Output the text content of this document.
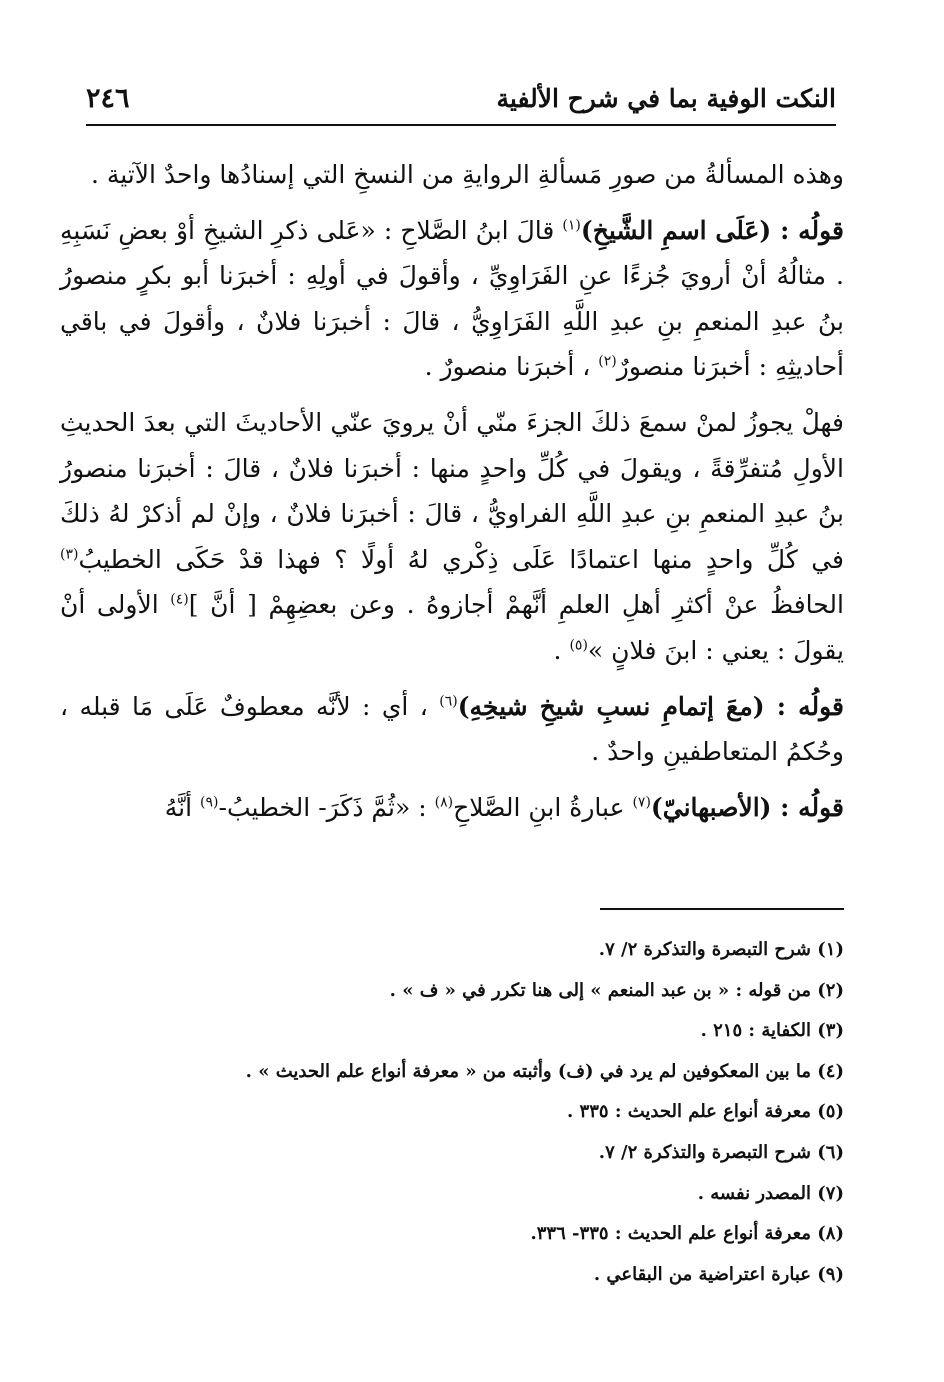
النكت الوفية بما في شرح الألفية
٢٤٦

وهذه المسألةُ من صورِ مَسألةِ الروايةِ من النسخِ التي إسنادُها واحدٌ الآتية .

قولُه : (عَلَى اسمِ الشَّيخِ)$^{(١)}$ قالَ ابنُ الصَّلاحِ : «عَلى ذكرِ الشيخِ أوْ بعضِ نَسَبِهِ . مثالُهُ أنْ أرويَ جُزءًا عنِ الفَرَاوِيِّ ، وأقولَ في أولِهِ : أخبرَنا أبو بكرٍ منصورُ بنُ عبدِ المنعمِ بنِ عبدِ اللَّهِ الفَرَاوِيُّ ، قالَ : أخبرَنا فلانٌ ، وأقولَ في باقي أحاديثِهِ : أخبرَنا منصورٌ$^{(٢)}$ ، أخبرَنا منصورٌ .

فهلْ يجوزُ لمنْ سمعَ ذلكَ الجزءَ منّي أنْ يرويَ عنّي الأحاديثَ التي بعدَ الحديثِ الأولِ مُتفرِّقةً ، ويقولَ في كُلِّ واحدٍ منها : أخبرَنا فلانٌ ، قالَ : أخبرَنا منصورُ بنُ عبدِ المنعمِ بنِ عبدِ اللَّهِ الفراويُّ ، قالَ : أخبرَنا فلانٌ ، وإنْ لم أذكرْ لهُ ذلكَ في كُلِّ واحدٍ منها اعتمادًا عَلَى ذِكْري لهُ أولًا ؟ فهذا قدْ حَكَى الخطيبُ$^{(٣)}$ الحافظُ عنْ أكثرِ أهلِ العلمِ أنَّهمْ أجازوهُ . وعن بعضِهِمْ [ أنَّ ]$^{(٤)}$ الأولى أنْ يقولَ : يعني : ابنَ فلانٍ »$^{(٥)}$ .

قولُه : (معَ إتمامِ نسبِ شيخِ شيخِهِ)$^{(٦)}$ ، أي : لأنَّه معطوفٌ عَلَى مَا قبله ، وحُكمُ المتعاطفينِ واحدٌ .

قولُه : (الأصبهانيّ)$^{(٧)}$ عبارةُ ابنِ الصَّلاحِ$^{(٨)}$ : «ثُمَّ ذَكَرَ- الخطيبُ-$^{(٩)}$ أنَّهُ

(١) شرح التبصرة والتذكرة ٢/ ٧.
(٢) من قوله : « بن عبد المنعم » إلى هنا تكرر في « ف » .
(٣) الكفاية : ٢١٥ .
(٤) ما بين المعكوفين لم يرد في (ف) وأثبته من « معرفة أنواع علم الحديث » .
(٥) معرفة أنواع علم الحديث : ٣٣٥ .
(٦) شرح التبصرة والتذكرة ٢/ ٧.
(٧) المصدر نفسه .
(٨) معرفة أنواع علم الحديث : ٣٣٥- ٣٣٦.
(٩) عبارة اعتراضية من البقاعي .
